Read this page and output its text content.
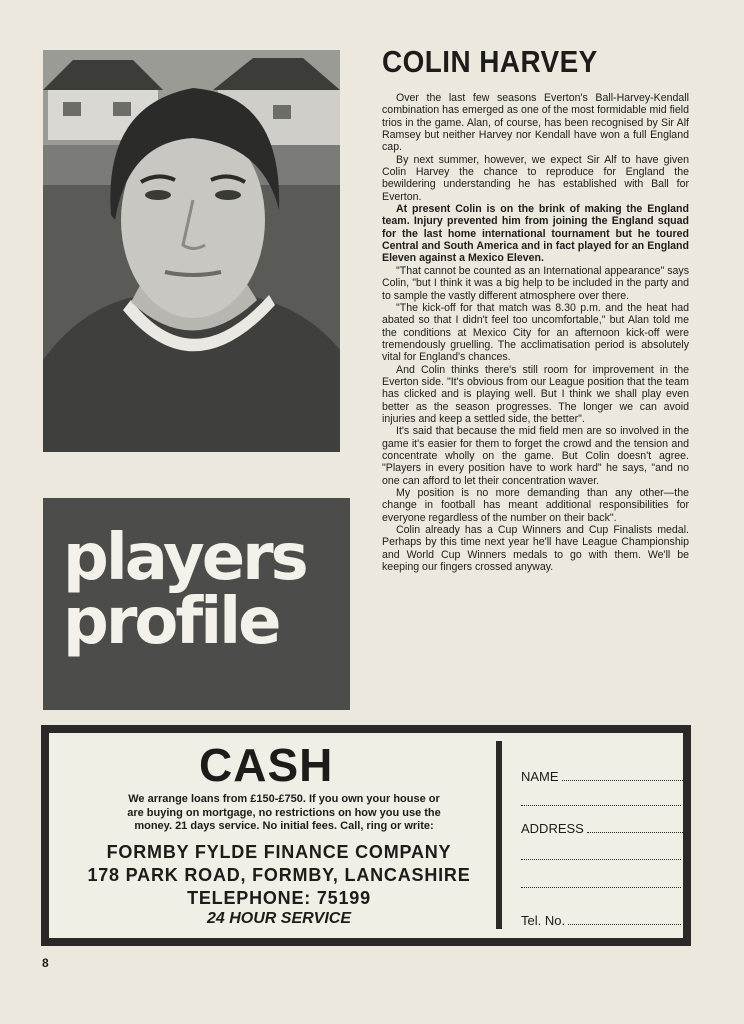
COLIN HARVEY

Over the last few seasons Everton's Ball-Harvey-Kendall combination has emerged as one of the most formidable mid field trios in the game. Alan, of course, has been recognised by Sir Alf Ramsey but neither Harvey nor Kendall have won a full England cap.

By next summer, however, we expect Sir Alf to have given Colin Harvey the chance to reproduce for England the bewildering understanding he has established with Ball for Everton.

At present Colin is on the brink of making the England team. Injury prevented him from joining the England squad for the last home international tournament but he toured Central and South America and in fact played for an England Eleven against a Mexico Eleven.

"That cannot be counted as an International appearance" says Colin, "but I think it was a big help to be included in the party and to sample the vastly different atmosphere over there.

"The kick-off for that match was 8.30 p.m. and the heat had abated so that I didn't feel too uncomfortable," but Alan told me the conditions at Mexico City for an afternoon kick-off were tremendously gruelling. The acclimatisation period is absolutely vital for England's chances.

And Colin thinks there's still room for improvement in the Everton side. "It's obvious from our League position that the team has clicked and is playing well. But I think we shall play even better as the season progresses. The longer we can avoid injuries and keep a settled side, the better".

It's said that because the mid field men are so involved in the game it's easier for them to forget the crowd and the tension and concentrate wholly on the game. But Colin doesn't agree. "Players in every position have to work hard" he says, "and no one can afford to let their concentration waver.

My position is no more demanding than any other—the change in football has meant additional responsibilities for everyone regardless of the number on their back".

Colin already has a Cup Winners and Cup Finalists medal. Perhaps by this time next year he'll have League Championship and World Cup Winners medals to go with them. We'll be keeping our fingers crossed anyway.

players
profile
CASH
We arrange loans from £150-£750. If you own your house or are buying on mortgage, no restrictions on how you use the money. 21 days service. No initial fees. Call, ring or write:
FORMBY FYLDE FINANCE COMPANY
178 PARK ROAD, FORMBY, LANCASHIRE
TELEPHONE: 75199
24 HOUR SERVICE
NAME
ADDRESS
Tel. No.
8
